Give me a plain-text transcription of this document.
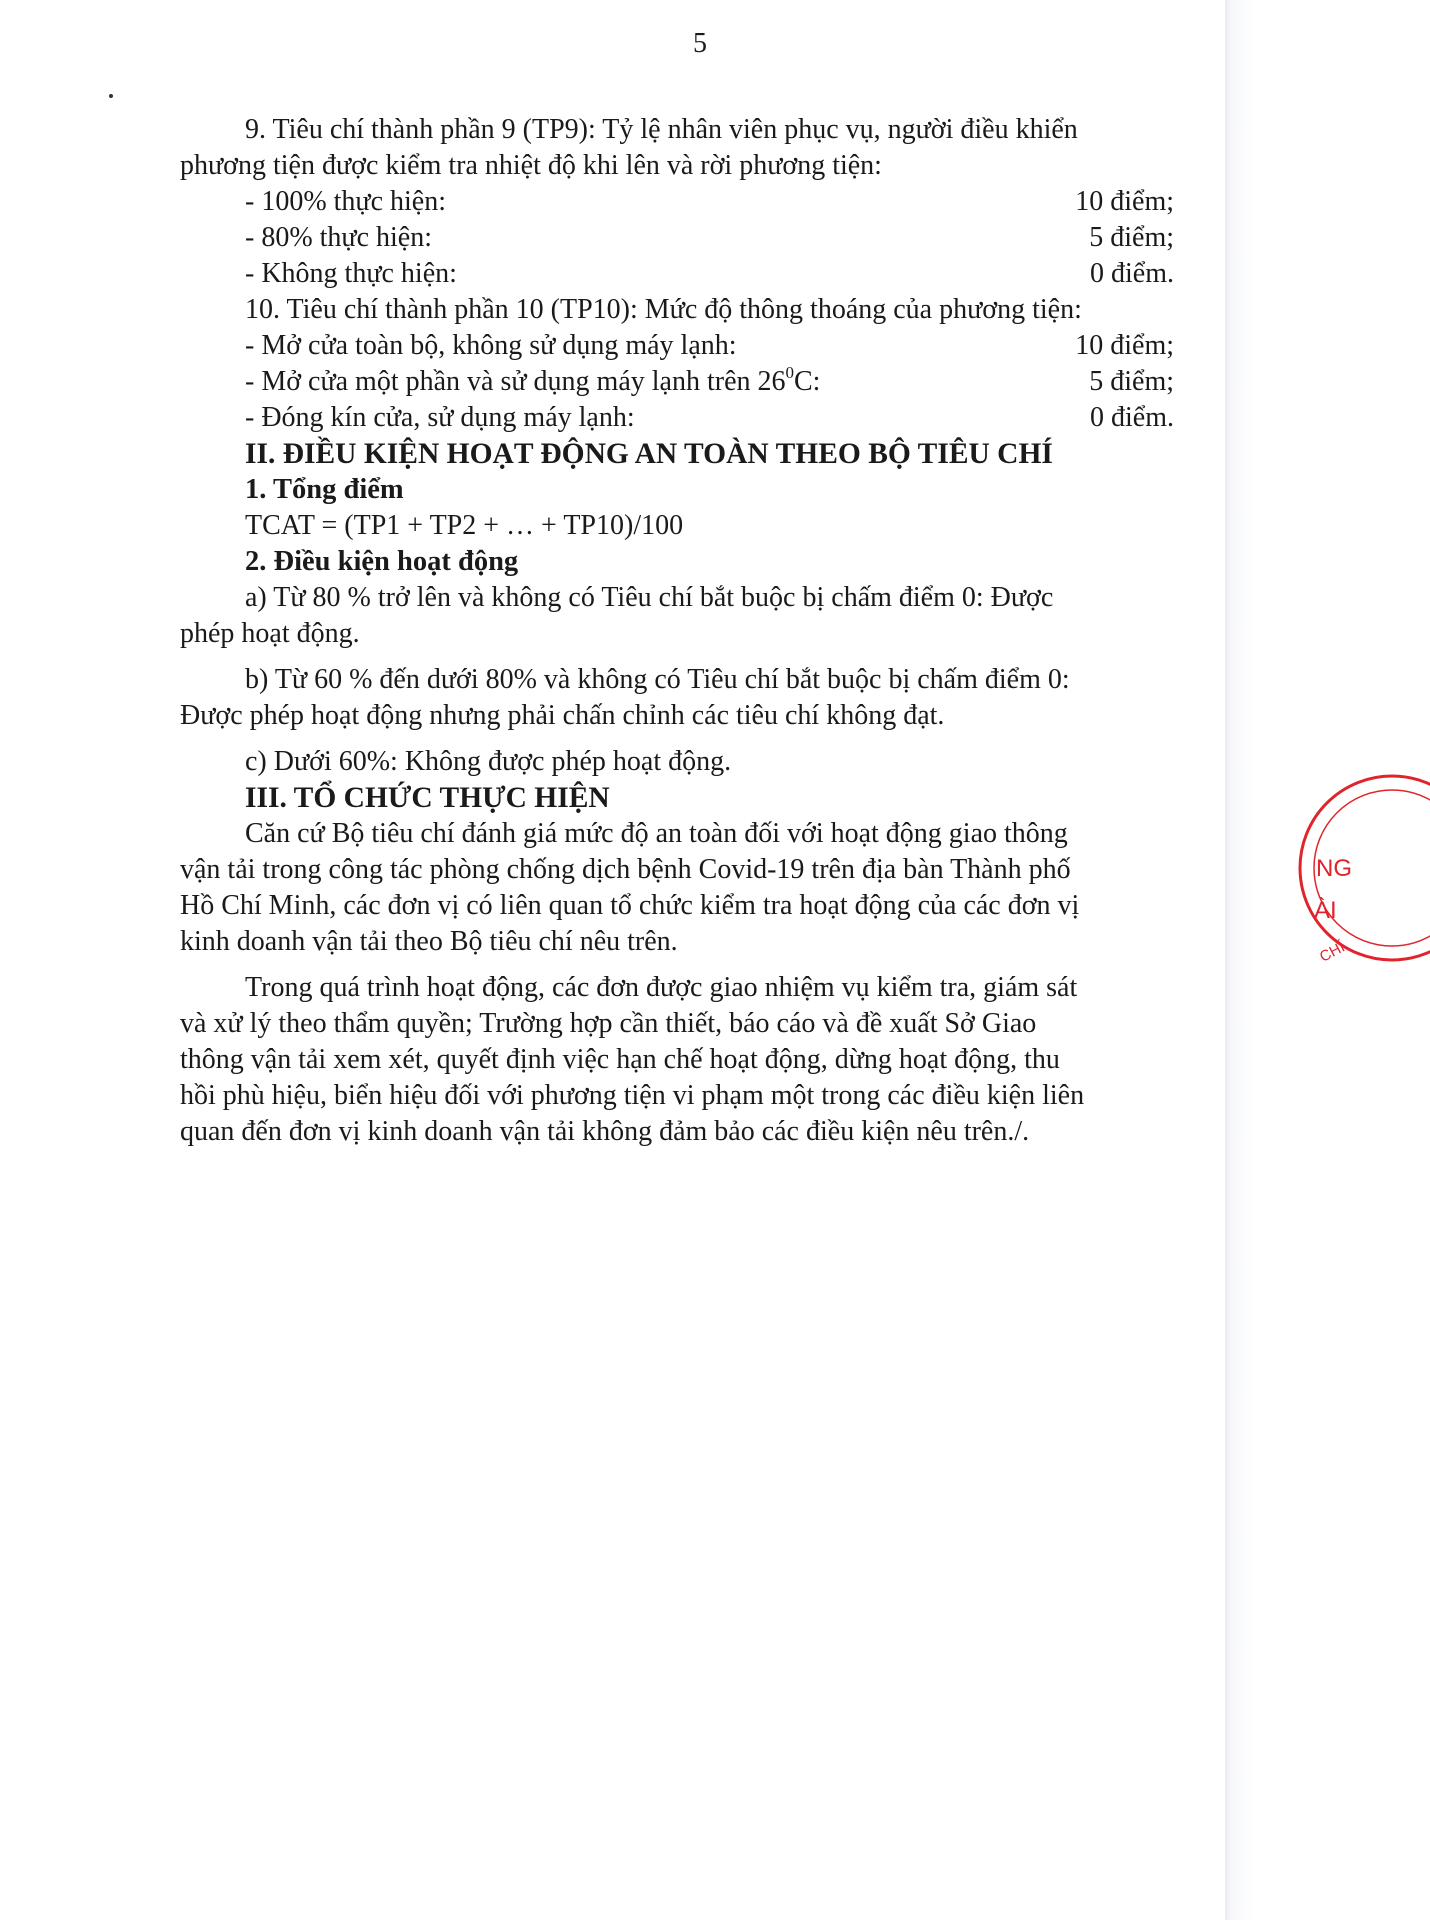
5
9. Tiêu chí thành phần 9 (TP9): Tỷ lệ nhân viên phục vụ, người điều khiển
phương tiện được kiểm tra nhiệt độ khi lên và rời phương tiện:
- 100% thực hiện:	10 điểm;
- 80% thực hiện:	5 điểm;
- Không thực hiện:	0 điểm.
10. Tiêu chí thành phần 10 (TP10): Mức độ thông thoáng của phương tiện:
- Mở cửa toàn bộ, không sử dụng máy lạnh:	10 điểm;
- Mở cửa một phần và sử dụng máy lạnh trên $26^0C$:	5 điểm;
- Đóng kín cửa, sử dụng máy lạnh:	0 điểm.
II. ĐIỀU KIỆN HOẠT ĐỘNG AN TOÀN THEO BỘ TIÊU CHÍ
1. Tổng điểm
TCAT = (TP1 + TP2 + … + TP10)/100
2. Điều kiện hoạt động
a) Từ 80 % trở lên và không có Tiêu chí bắt buộc bị chấm điểm 0: Được
phép hoạt động.
b) Từ 60 % đến dưới 80% và không có Tiêu chí bắt buộc bị chấm điểm 0:
Được phép hoạt động nhưng phải chấn chỉnh các tiêu chí không đạt.
c) Dưới 60%: Không được phép hoạt động.
III. TỔ CHỨC THỰC HIỆN
Căn cứ Bộ tiêu chí đánh giá mức độ an toàn đối với hoạt động giao thông
vận tải trong công tác phòng chống dịch bệnh Covid-19 trên địa bàn Thành phố
Hồ Chí Minh, các đơn vị có liên quan tổ chức kiểm tra hoạt động của các đơn vị
kinh doanh vận tải theo Bộ tiêu chí nêu trên.
Trong quá trình hoạt động, các đơn được giao nhiệm vụ kiểm tra, giám sát
và xử lý theo thẩm quyền; Trường hợp cần thiết, báo cáo và đề xuất Sở Giao
thông vận tải xem xét, quyết định việc hạn chế hoạt động, dừng hoạt động, thu
hồi phù hiệu, biển hiệu đối với phương tiện vi phạm một trong các điều kiện liên
quan đến đơn vị kinh doanh vận tải không đảm bảo các điều kiện nêu trên./.
NG
ÀI
CHÍ
